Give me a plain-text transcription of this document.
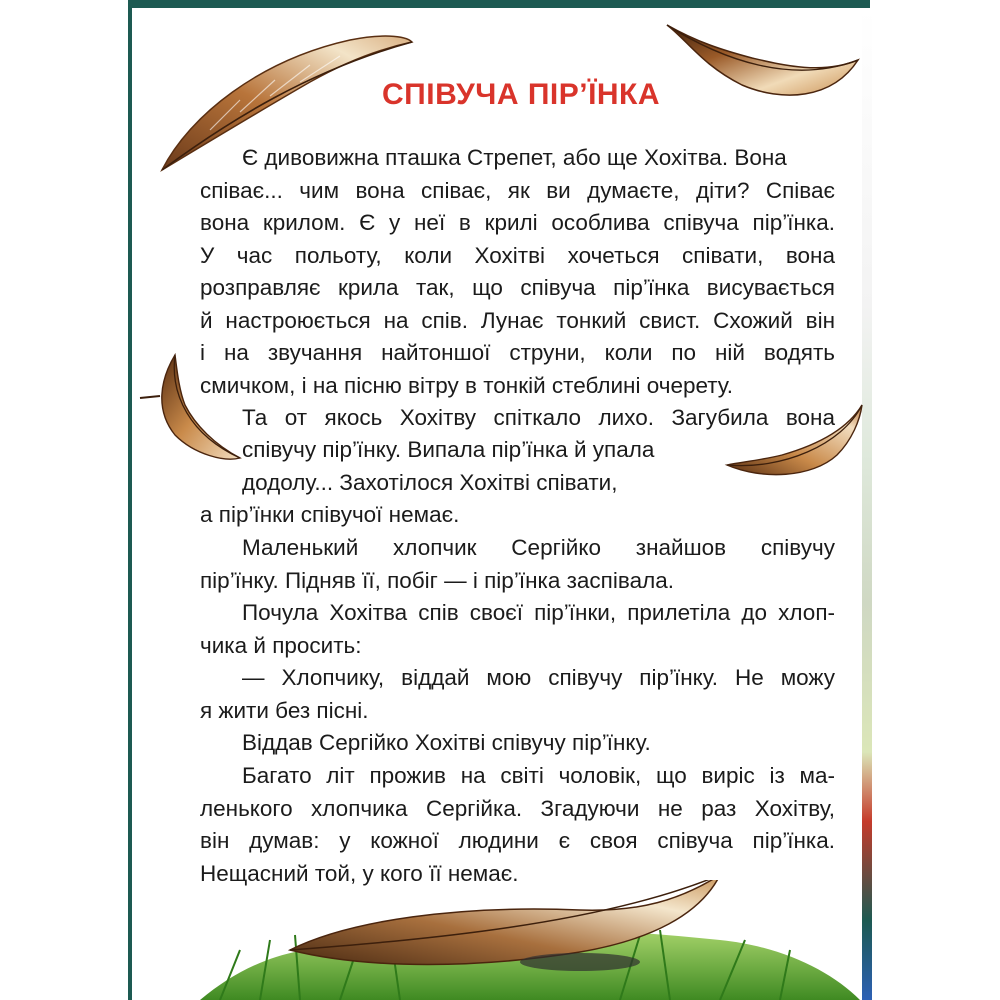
СПІВУЧА ПІР’ЇНКА
Є дивовижна пташка Стрепет, або ще Хохітва. Вона
співає... чим вона співає, як ви думаєте, діти? Співає
вона крилом. Є у неї в крилі особлива співуча пір’їнка.
У час польоту, коли Хохітві хочеться співати, вона
розправляє крила так, що співуча пір’їнка висувається
й настроюється на спів. Лунає тонкий свист. Схожий він
і на звучання найтоншої струни, коли по ній водять
смичком, і на пісню вітру в тонкій стеблині очерету.
Та от якось Хохітву спіткало лихо. Загубила вона
співучу пір’їнку. Випала пір’їнка й упала
додолу... Захотілося Хохітві співати,
а пір’їнки співучої немає.
Маленький хлопчик Сергійко знайшов співучу
пір’їнку. Підняв її, побіг — і пір’їнка заспівала.
Почула Хохітва спів своєї пір’їнки, прилетіла до хлоп-
чика й просить:
— Хлопчику, віддай мою співучу пір’їнку. Не можу
я жити без пісні.
Віддав Сергійко Хохітві співучу пір’їнку.
Багато літ прожив на світі чоловік, що виріс із ма-
ленького хлопчика Сергійка. Згадуючи не раз Хохітву,
він думав: у кожної людини є своя співуча пір’їнка.
Нещасний той, у кого її немає.
